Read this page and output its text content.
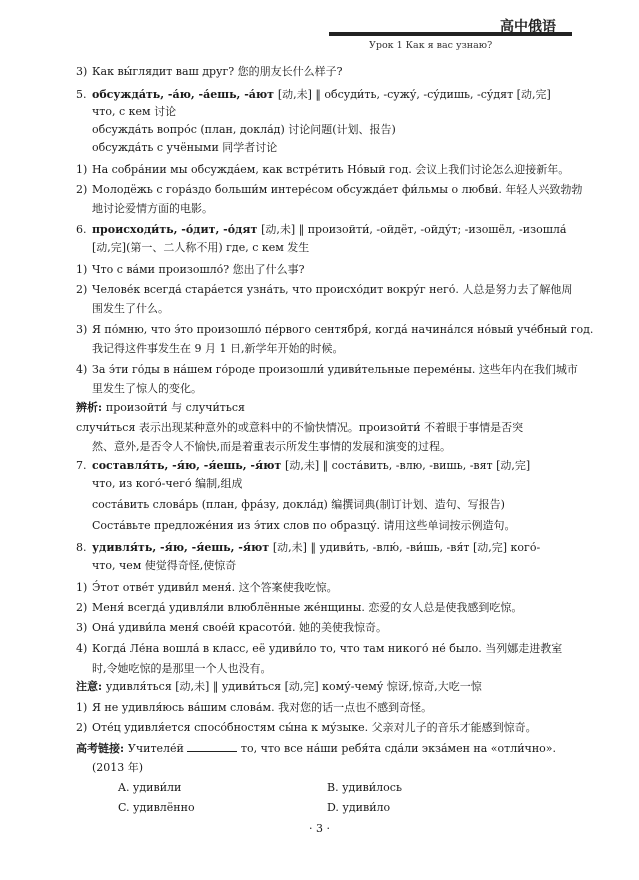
高中俄语
Урок 1 Как я вас узнаю?
3) Как вы́глядит ваш друг? 您的朋友长什么样子?
5. обсужда́ть, -а́ю, -а́ешь, -а́ют [动,未] ‖ обсуди́ть, -сужу́, -су́дишь, -су́дят [动,完]
что, с кем 讨论
обсужда́ть вопро́с (план, докла́д) 讨论问题(计划、报告)
обсужда́ть с учёными 同学者讨论
1) На собра́нии мы обсужда́ем, как встре́тить Но́вый год. 会议上我们讨论怎么迎接新年。
2) Молодёжь с гора́здо больши́м интере́сом обсужда́ет фи́льмы о любви́. 年轻人兴致勃勃
地讨论爱情方面的电影。
6. происходи́ть, -о́дит, -о́дят [动,未] ‖ произойти́, -ойдёт, -ойду́т; -изошёл, -изошла́
[动,完](第一、二人称不用) где, с кем 发生
1) Что с ва́ми произошло́? 您出了什么事?
2) Челове́к всегда́ стара́ется узна́ть, что происхо́дит вокру́г него́. 人总是努力去了解他周
围发生了什么。
3) Я по́мню, что э́то произошло́ пе́рвого сентября́, когда́ начина́лся но́вый уче́бный год.
我记得这件事发生在 9 月 1 日,新学年开始的时候。
4) За э́ти го́ды в на́шем го́роде произошли́ удиви́тельные переме́ны. 这些年内在我们城市
里发生了惊人的变化。
辨析: произойти́ 与 случи́ться
случи́ться 表示出现某种意外的或意料中的不愉快情况。произойти́ 不着眼于事情是否突
然、意外,是否令人不愉快,而是着重表示所发生事情的发展和演变的过程。
7. составля́ть, -я́ю, -я́ешь, -я́ют [动,未] ‖ соста́вить, -влю, -вишь, -вят [动,完]
что, из кого́-чего́ 编制,组成
соста́вить слова́рь (план, фра́зу, докла́д) 编撰词典(制订计划、造句、写报告)
Соста́вьте предложе́ния из э́тих слов по образцу́. 请用这些单词按示例造句。
8. удивля́ть, -я́ю, -я́ешь, -я́ют [动,未] ‖ удиви́ть, -влю́, -ви́шь, -вя́т [动,完] кого́-
что, чем 使觉得奇怪,使惊奇
1) Э́тот отве́т удиви́л меня́. 这个答案使我吃惊。
2) Меня́ всегда́ удивля́ли влюблённые же́нщины. 恋爱的女人总是使我感到吃惊。
3) Она́ удиви́ла меня́ свое́й красото́й. 她的美使我惊奇。
4) Когда́ Ле́на вошла́ в класс, её удиви́ло то, что там никого́ не́ было. 当列娜走进教室
时,令她吃惊的是那里一个人也没有。
注意: удивля́ться [动,未] ‖ удиви́ться [动,完] кому́-чему́ 惊讶,惊奇,大吃一惊
1) Я не удивля́юсь ва́шим слова́м. 我对您的话一点也不感到奇怪。
2) Оте́ц удивля́ется спосо́бностям сы́на к му́зыке. 父亲对儿子的音乐才能感到惊奇。
高考链接: Учителе́й	то, что все на́ши ребя́та сда́ли экза́мен на «отли́чно».
(2013 年)
A. удиви́ли	B. удиви́лось
C. удивлённо	D. удиви́ло
· 3 ·
